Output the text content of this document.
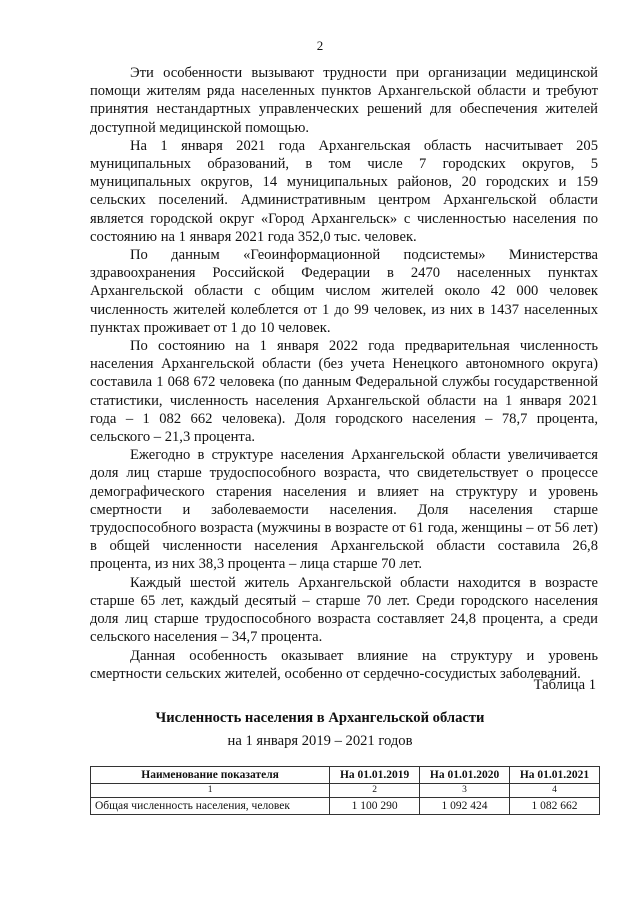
2

Эти особенности вызывают трудности при организации медицинской помощи жителям ряда населенных пунктов Архангельской области и требуют принятия нестандартных управленческих решений для обеспечения жителей доступной медицинской помощью.

На 1 января 2021 года Архангельская область насчитывает 205 муниципальных образований, в том числе 7 городских округов, 5 муниципальных округов, 14 муниципальных районов, 20 городских и 159 сельских поселений. Административным центром Архангельской области является городской округ «Город Архангельск» с численностью населения по состоянию на 1 января 2021 года 352,0 тыс. человек.

По данным «Геоинформационной подсистемы» Министерства здравоохранения Российской Федерации в 2470 населенных пунктах Архангельской области с общим числом жителей около 42 000 человек численность жителей колеблется от 1 до 99 человек, из них в 1437 населенных пунктах проживает от 1 до 10 человек.

По состоянию на 1 января 2022 года предварительная численность населения Архангельской области (без учета Ненецкого автономного округа) составила 1 068 672 человека (по данным Федеральной службы государственной статистики, численность населения Архангельской области на 1 января 2021 года – 1 082 662 человека). Доля городского населения – 78,7 процента, сельского – 21,3 процента.

Ежегодно в структуре населения Архангельской области увеличивается доля лиц старше трудоспособного возраста, что свидетельствует о процессе демографического старения населения и влияет на структуру и уровень смертности и заболеваемости населения. Доля населения старше трудоспособного возраста (мужчины в возрасте от 61 года, женщины – от 56 лет) в общей численности населения Архангельской области составила 26,8 процента, из них 38,3 процента – лица старше 70 лет.

Каждый шестой житель Архангельской области находится в возрасте старше 65 лет, каждый десятый – старше 70 лет. Среди городского населения доля лиц старше трудоспособного возраста составляет 24,8 процента, а среди сельского населения – 34,7 процента.

Данная особенность оказывает влияние на структуру и уровень смертности сельских жителей, особенно от сердечно-сосудистых заболеваний.

Таблица 1
Численность населения в Архангельской области
на 1 января 2019 – 2021 годов
Наименование показателя	На 01.01.2019	На 01.01.2020	На 01.01.2021
1	2	3	4
Общая численность населения, человек	1 100 290	1 092 424	1 082 662
